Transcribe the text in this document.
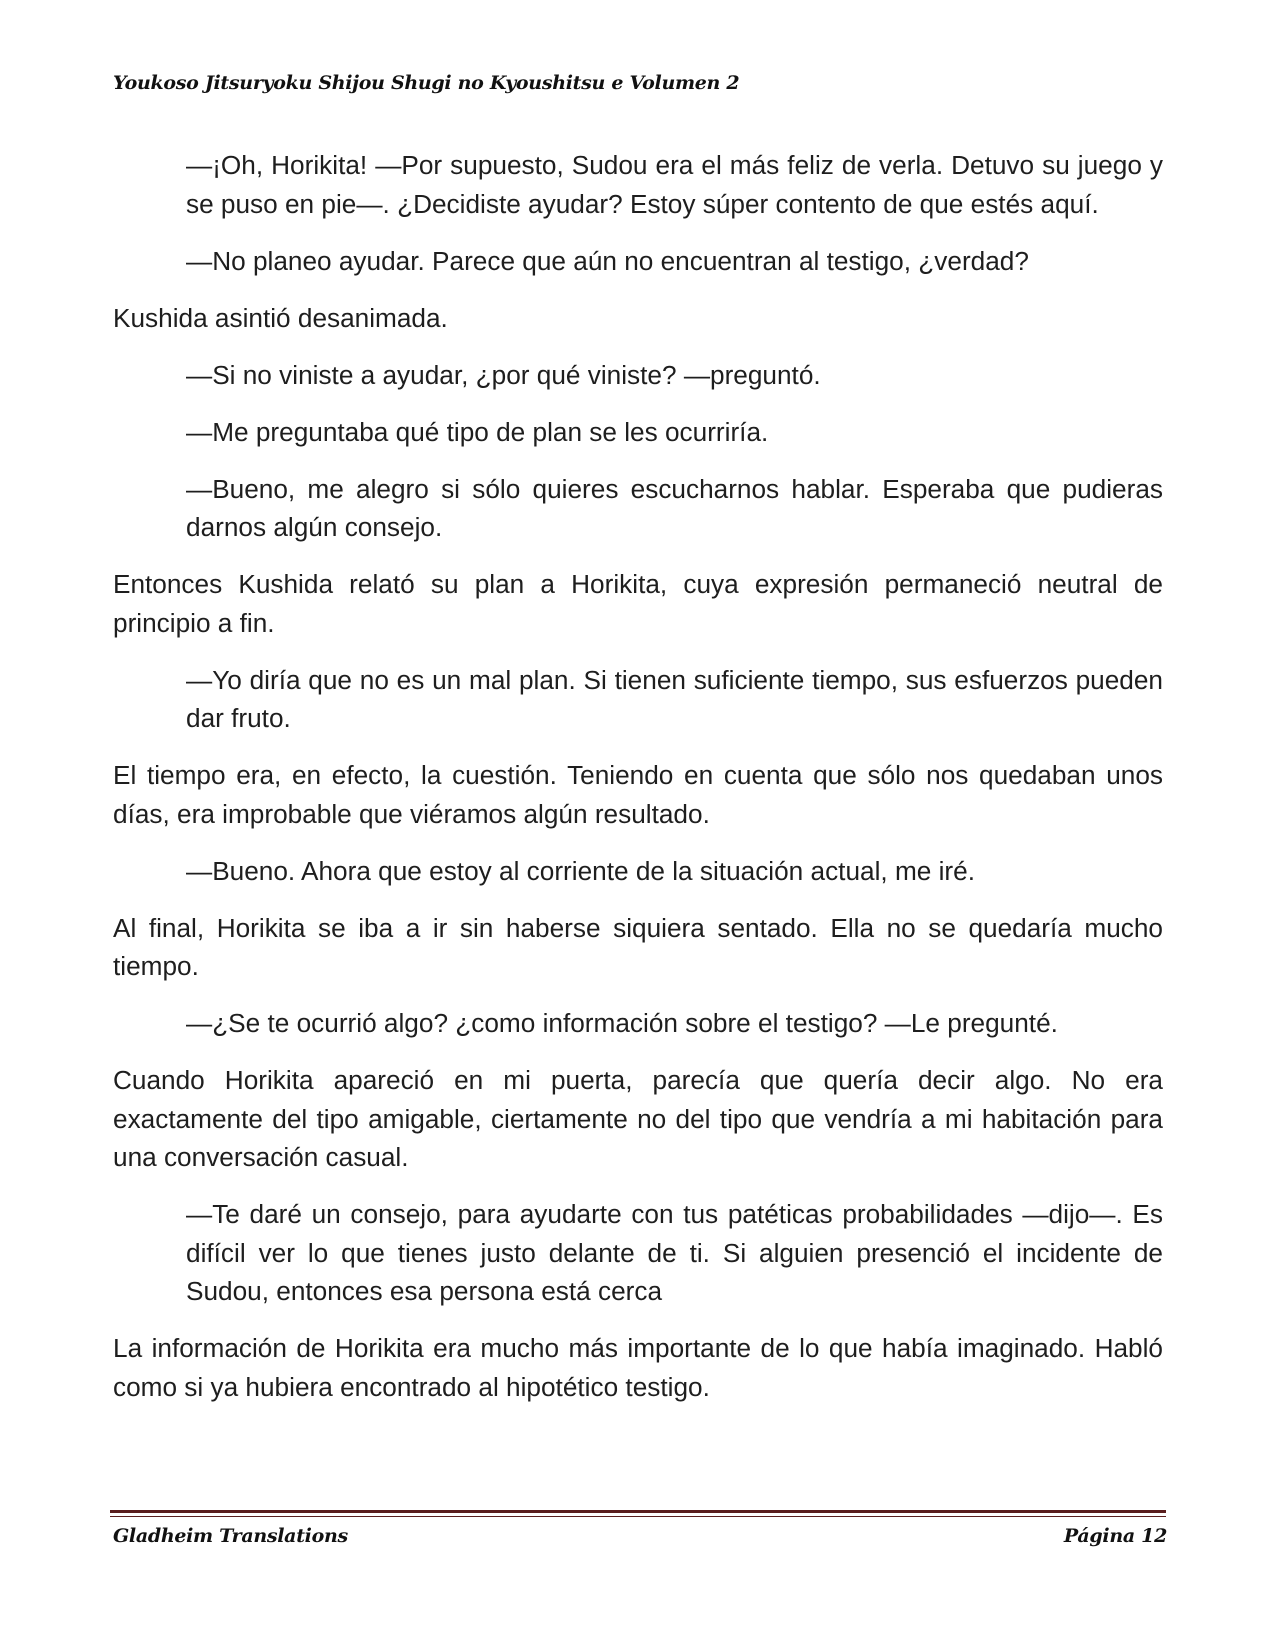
Youkoso Jitsuryoku Shijou Shugi no Kyoushitsu e Volumen 2

—¡Oh, Horikita! —Por supuesto, Sudou era el más feliz de verla. Detuvo su juego y se puso en pie—. ¿Decidiste ayudar? Estoy súper contento de que estés aquí.

—No planeo ayudar. Parece que aún no encuentran al testigo, ¿verdad?

Kushida asintió desanimada.

—Si no viniste a ayudar, ¿por qué viniste? —preguntó.

—Me preguntaba qué tipo de plan se les ocurriría.

—Bueno, me alegro si sólo quieres escucharnos hablar. Esperaba que pudieras darnos algún consejo.

Entonces Kushida relató su plan a Horikita, cuya expresión permaneció neutral de principio a fin.

—Yo diría que no es un mal plan. Si tienen suficiente tiempo, sus esfuerzos pueden dar fruto.

El tiempo era, en efecto, la cuestión. Teniendo en cuenta que sólo nos quedaban unos días, era improbable que viéramos algún resultado.

—Bueno. Ahora que estoy al corriente de la situación actual, me iré.

Al final, Horikita se iba a ir sin haberse siquiera sentado. Ella no se quedaría mucho tiempo.

—¿Se te ocurrió algo? ¿como información sobre el testigo? —Le pregunté.

Cuando Horikita apareció en mi puerta, parecía que quería decir algo. No era exactamente del tipo amigable, ciertamente no del tipo que vendría a mi habitación para una conversación casual.

—Te daré un consejo, para ayudarte con tus patéticas probabilidades —dijo—. Es difícil ver lo que tienes justo delante de ti. Si alguien presenció el incidente de Sudou, entonces esa persona está cerca

La información de Horikita era mucho más importante de lo que había imaginado. Habló como si ya hubiera encontrado al hipotético testigo.

Gladheim Translations	Página 12
